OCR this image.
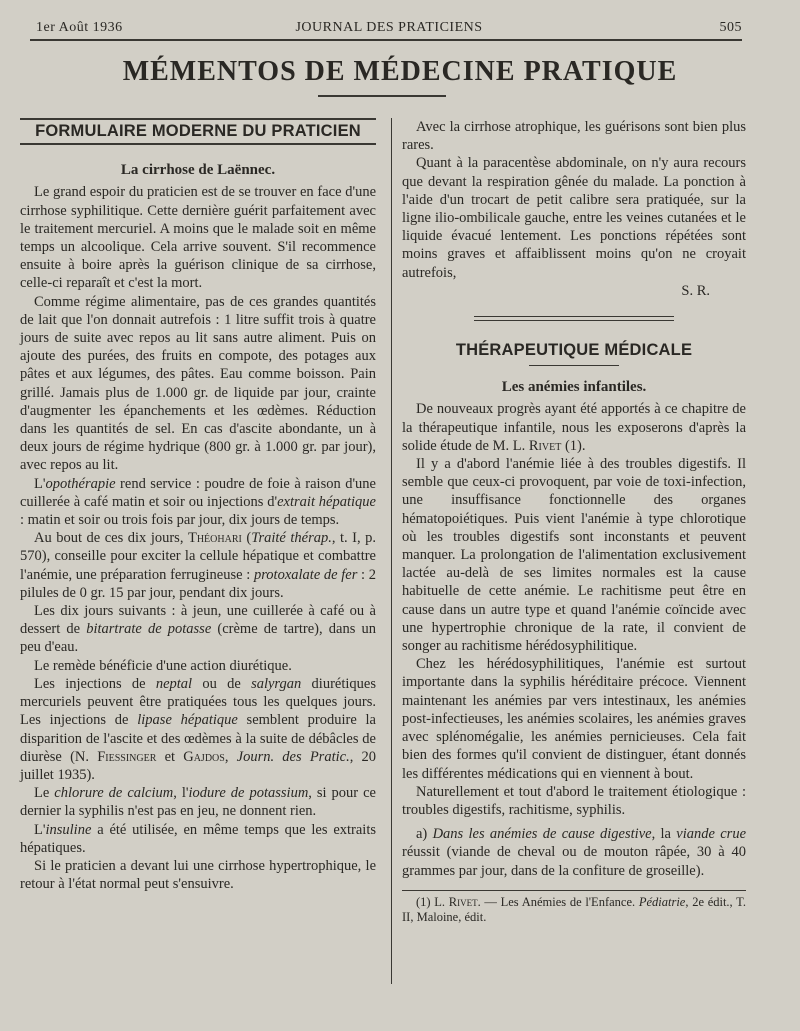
1er Août 1936	JOURNAL DES PRATICIENS	505
MÉMENTOS DE MÉDECINE PRATIQUE
FORMULAIRE MODERNE DU PRATICIEN
La cirrhose de Laënnec.

Le grand espoir du praticien est de se trouver en face d'une cirrhose syphilitique. Cette dernière guérit parfaitement avec le traitement mercuriel. A moins que le malade soit en même temps un alcoolique. Cela arrive souvent. S'il recommence ensuite à boire après la guérison clinique de sa cirrhose, celle-ci reparaît et c'est la mort.

Comme régime alimentaire, pas de ces grandes quantités de lait que l'on donnait autrefois : 1 litre suffit trois à quatre jours de suite avec repos au lit sans autre aliment. Puis on ajoute des purées, des fruits en compote, des potages aux pâtes et aux légumes, des pâtes. Eau comme boisson. Pain grillé. Jamais plus de 1.000 gr. de liquide par jour, crainte d'augmenter les épanchements et les œdèmes. Réduction dans les quantités de sel. En cas d'ascite abondante, un à deux jours de régime hydrique (800 gr. à 1.000 gr. par jour), avec repos au lit.

L'opothérapie rend service : poudre de foie à raison d'une cuillerée à café matin et soir ou injections d'extrait hépatique : matin et soir ou trois fois par jour, dix jours de temps.

Au bout de ces dix jours, Théohari (Traité thérap., t. I, p. 570), conseille pour exciter la cellule hépatique et combattre l'anémie, une préparation ferrugineuse : protoxalate de fer : 2 pilules de 0 gr. 15 par jour, pendant dix jours.

Les dix jours suivants : à jeun, une cuillerée à café ou à dessert de bitartrate de potasse (crème de tartre), dans un peu d'eau.

Le remède bénéficie d'une action diurétique.

Les injections de neptal ou de salyrgan diurétiques mercuriels peuvent être pratiquées tous les quelques jours. Les injections de lipase hépatique semblent produire la disparition de l'ascite et des œdèmes à la suite de débâcles de diurèse (N. Fiessinger et Gajdos, Journ. des Pratic., 20 juillet 1935).

Le chlorure de calcium, l'iodure de potassium, si pour ce dernier la syphilis n'est pas en jeu, ne donnent rien.

L'insuline a été utilisée, en même temps que les extraits hépatiques.

Si le praticien a devant lui une cirrhose hypertrophique, le retour à l'état normal peut s'ensuivre.

Avec la cirrhose atrophique, les guérisons sont bien plus rares.

Quant à la paracentèse abdominale, on n'y aura recours que devant la respiration gênée du malade. La ponction à l'aide d'un trocart de petit calibre sera pratiquée, sur la ligne ilio-ombilicale gauche, entre les veines cutanées et le liquide évacué lentement. Les ponctions répétées sont moins graves et affaiblissent moins qu'on ne croyait autrefois,

S. R.
THÉRAPEUTIQUE MÉDICALE
Les anémies infantiles.

De nouveaux progrès ayant été apportés à ce chapitre de la thérapeutique infantile, nous les exposerons d'après la solide étude de M. L. Rivet (1).

Il y a d'abord l'anémie liée à des troubles digestifs. Il semble que ceux-ci provoquent, par voie de toxi-infection, une insuffisance fonctionnelle des organes hématopoiétiques. Puis vient l'anémie à type chlorotique où les troubles digestifs sont inconstants et peuvent manquer. La prolongation de l'alimentation exclusivement lactée au-delà de ses limites normales est la cause habituelle de cette anémie. Le rachitisme peut être en cause dans un autre type et quand l'anémie coïncide avec une hypertrophie chronique de la rate, il convient de songer au rachitisme hérédosyphilitique.

Chez les hérédosyphilitiques, l'anémie est surtout importante dans la syphilis héréditaire précoce. Viennent maintenant les anémies par vers intestinaux, les anémies post-infectieuses, les anémies scolaires, les anémies graves avec splénomégalie, les anémies pernicieuses. Cela fait bien des formes qu'il convient de distinguer, étant donnés les différentes médications qui en viennent à bout.

Naturellement et tout d'abord le traitement étiologique : troubles digestifs, rachitisme, syphilis.

a) Dans les anémies de cause digestive, la viande crue réussit (viande de cheval ou de mouton râpée, 30 à 40 grammes par jour, dans de la confiture de groseille).

(1) L. Rivet. — Les Anémies de l'Enfance. Pédiatrie, 2e édit., T. II, Maloine, édit.
